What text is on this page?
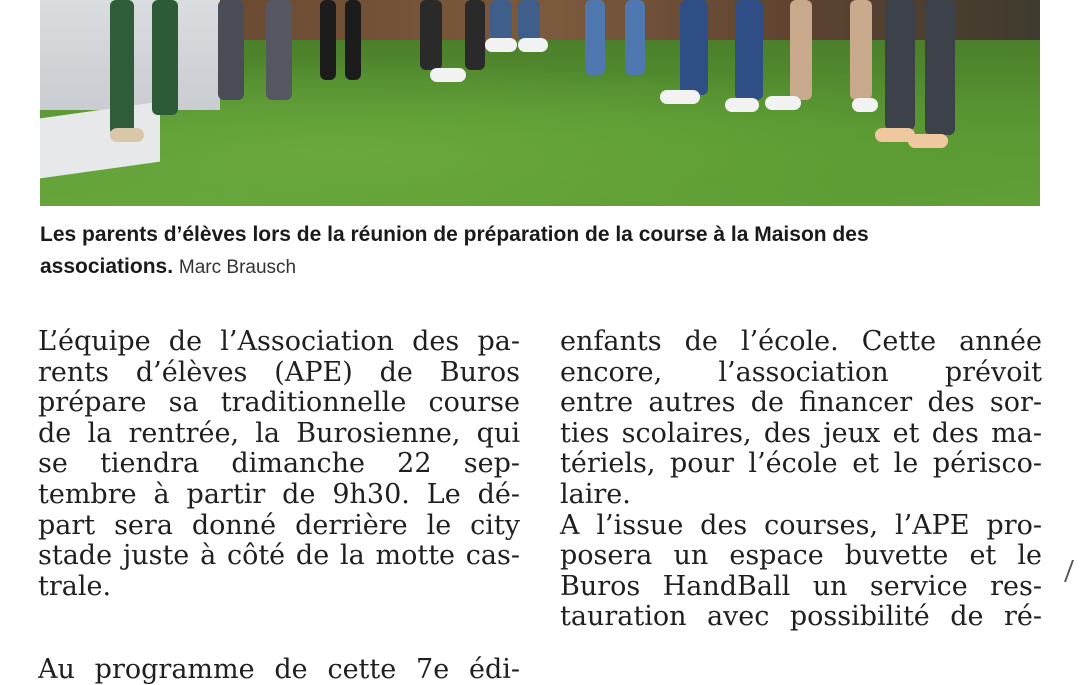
Les parents d’élèves lors de la réunion de préparation de la course à la Maison des
associations. Marc Brausch

L’équipe de l’Association des pa-
rents d’élèves (APE) de Buros
prépare sa traditionnelle course
de la rentrée, la Burosienne, qui
se tiendra dimanche 22 sep-
tembre à partir de 9h30. Le dé-
part sera donné derrière le city
stade juste à côté de la motte cas-
trale.
Au programme de cette 7e édi-
enfants de l’école. Cette année
encore, l’association prévoit
entre autres de financer des sor-
ties scolaires, des jeux et des ma-
tériels, pour l’école et le périsco-
laire.
A l’issue des courses, l’APE pro-
posera un espace buvette et le
Buros HandBall un service res-
tauration avec possibilité de ré-
